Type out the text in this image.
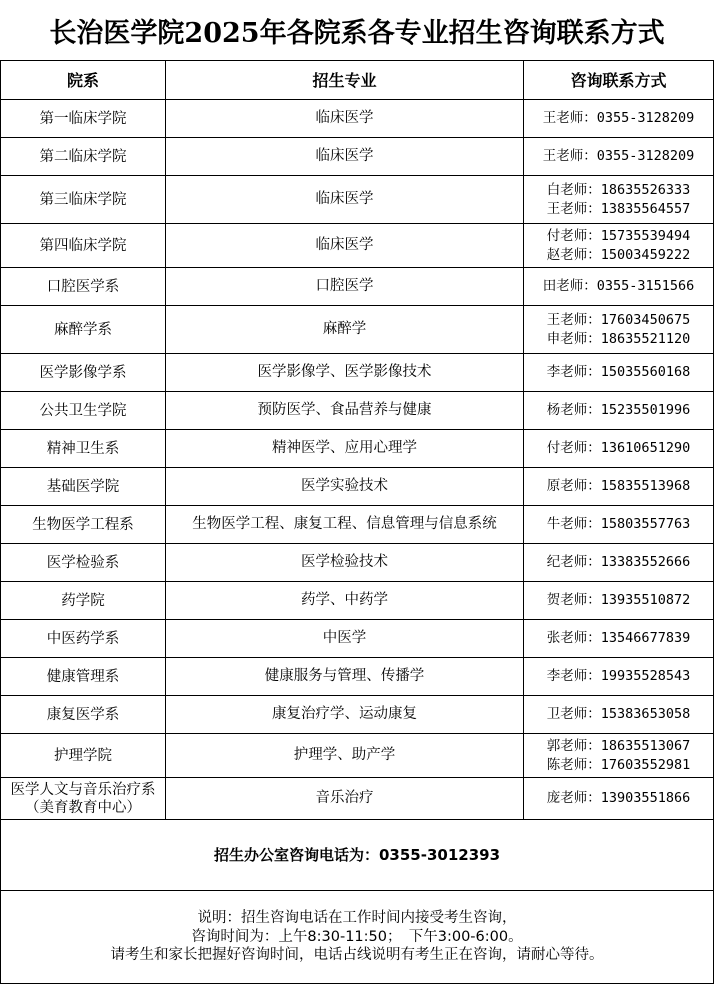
长治医学院2025年各院系各专业招生咨询联系方式
院系	招生专业	咨询联系方式
第一临床学院	临床医学	王老师：0355-3128209

第二临床学院	临床医学	王老师：0355-3128209

第三临床学院	临床医学	白老师：18635526333
王老师：13835564557

第四临床学院	临床医学	付老师：15735539494
赵老师：15003459222

口腔医学系	口腔医学	田老师：0355-3151566

麻醉学系	麻醉学	王老师：17603450675
申老师：18635521120

医学影像学系	医学影像学、医学影像技术	李老师：15035560168

公共卫生学院	预防医学、食品营养与健康	杨老师：15235501996

精神卫生系	精神医学、应用心理学	付老师：13610651290

基础医学院	医学实验技术	原老师：15835513968

生物医学工程系	生物医学工程、康复工程、信息管理与信息系统	牛老师：15803557763

医学检验系	医学检验技术	纪老师：13383552666

药学院	药学、中药学	贺老师：13935510872

中医药学系	中医学	张老师：13546677839

健康管理系	健康服务与管理、传播学	李老师：19935528543

康复医学系	康复治疗学、运动康复	卫老师：15383653058

护理学院	护理学、助产学	郭老师：18635513067
陈老师：17603552981

医学人文与音乐治疗系
（美育教育中心）	音乐治疗	庞老师：13903551866

招生办公室咨询电话为：0355-3012393		

说明：招生咨询电话在工作时间内接受考生咨询，
咨询时间为：上午8:30-11:50；　下午3:00-6:00。
请考生和家长把握好咨询时间，电话占线说明有考生正在咨询，请耐心等待。		
